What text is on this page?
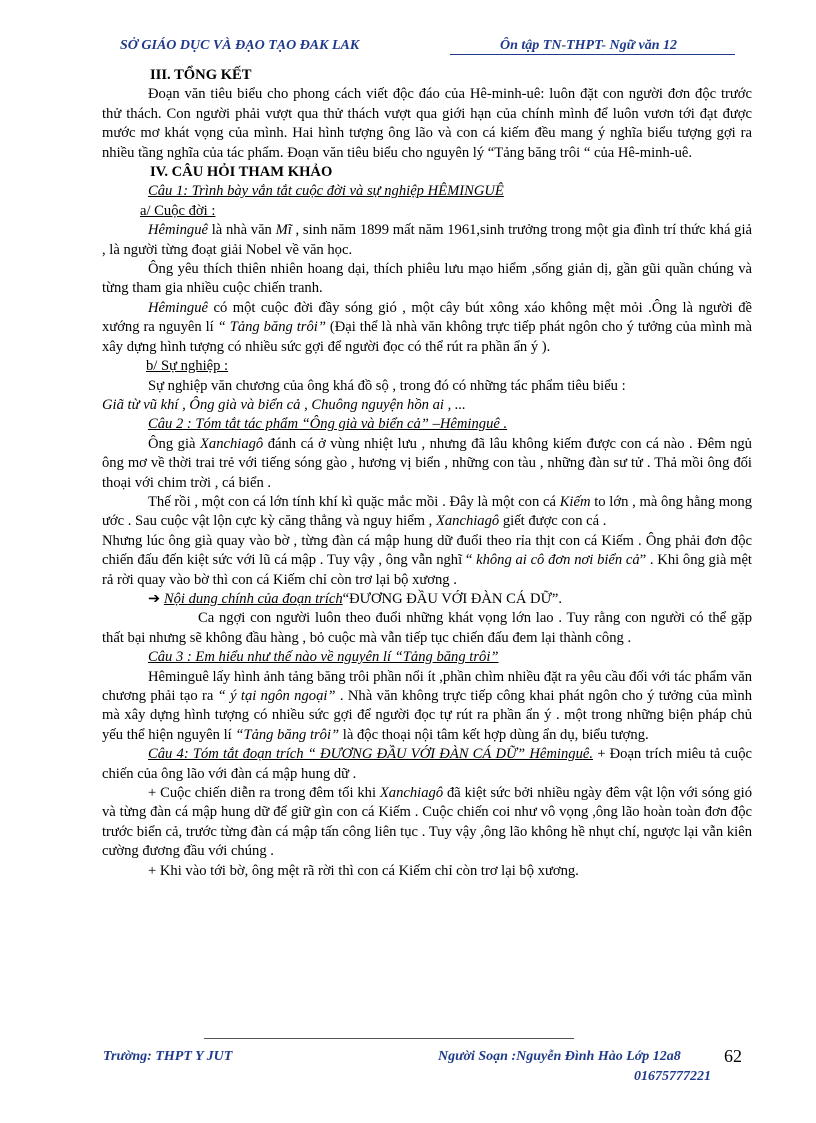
SỞ GIÁO DỤC VÀ ĐẠO TẠO ĐAK LAK	Ôn tập TN-THPT- Ngữ văn 12

III. TỔNG KẾT

Đoạn văn tiêu biểu cho phong cách viết độc đáo của Hê-minh-uê: luôn đặt con người đơn độc trước thử thách. Con người phải vượt qua thử thách vượt qua giới hạn của chính mình để luôn vươn tới đạt được mước mơ khát vọng của mình. Hai hình tượng ông lão và con cá kiếm đều mang ý nghĩa biểu tượng gợi ra nhiều tầng nghĩa của tác phẩm. Đoạn văn tiêu biểu cho nguyên lý “Tảng băng trôi “ của Hê-minh-uê.

IV. CÂU HỎI THAM KHẢO

Câu 1: Trình bày vắn tắt cuộc đời và sự nghiệp HÊMINGUÊ

a/ Cuộc đời :

Hêminguê là nhà văn Mĩ , sinh năm 1899 mất năm 1961,sinh trưởng trong một gia đình trí thức khá giả , là người từng đoạt giải Nobel về văn học.

Ông yêu thích thiên nhiên hoang dại, thích phiêu lưu mạo hiểm ,sống giản dị, gần gũi quần chúng và từng tham gia nhiều cuộc chiến tranh.

Hêminguê có một cuộc đời đầy sóng gió , một cây bút xông xáo không mệt mỏi .Ông là người đề xướng ra nguyên lí “ Tảng băng trôi” (Đại thể là nhà văn không trực tiếp phát ngôn cho ý tưởng của mình mà xây dựng hình tượng có nhiều sức gợi để người đọc có thể rút ra phần ẩn ý ).

b/ Sự nghiệp :

Sự nghiệp văn chương của ông khá đồ sộ , trong đó có những tác phẩm tiêu biểu :

Giã từ vũ khí , Ông già và biển cả , Chuông nguyện hồn ai , ...

Câu 2 : Tóm tắt tác phẩm “Ông già và biển cả” –Hêminguê .

Ông già Xanchiagô đánh cá ở vùng nhiệt lưu , nhưng đã lâu không kiếm được con cá nào . Đêm ngủ ông mơ về thời trai trẻ với tiếng sóng gào , hương vị biển , những con tàu , những đàn sư tử . Thả mồi ông đối thoại với chim trời , cá biển .

Thế rồi , một con cá lớn tính khí kì quặc mắc mồi . Đây là một con cá Kiếm to lớn , mà ông hằng mong ước . Sau cuộc vật lộn cực kỳ căng thẳng và nguy hiểm , Xanchiagô giết được con cá .

Nhưng lúc ông già quay vào bờ , từng đàn cá mập hung dữ đuổi theo rỉa thịt con cá Kiếm . Ông phải đơn độc chiến đấu đến kiệt sức với lũ cá mập . Tuy vậy , ông vẫn nghĩ “ không ai cô đơn nơi biển cả” . Khi ông già mệt rả rời quay vào bờ thì con cá Kiếm chỉ còn trơ lại bộ xương .

➔ Nội dung chính của đoạn trích“ĐƯƠNG ĐẦU VỚI ĐÀN CÁ DỮ”.

Ca ngợi con người luôn theo đuổi những khát vọng lớn lao . Tuy rằng con người có thể gặp thất bại nhưng sẽ không đầu hàng , bỏ cuộc mà vẫn tiếp tục chiến đấu đem lại thành công .

Câu 3 : Em hiểu như thế nào về nguyên lí “Tảng băng trôi”

Hêminguê lấy hình ảnh tảng băng trôi phần nổi ít ,phần chìm nhiều đặt ra yêu cầu đối với tác phẩm văn chương phải tạo ra “ ý tại ngôn ngoại” . Nhà văn không trực tiếp công khai phát ngôn cho ý tưởng của mình mà xây dựng hình tượng có nhiều sức gợi để người đọc tự rút ra phần ẩn ý . một trong những biện pháp chủ yếu thể hiện nguyên lí “Tảng băng trôi” là độc thoại nội tâm kết hợp dùng ẩn dụ, biểu tượng.

Câu 4: Tóm tắt đoạn trích “ ĐƯƠNG ĐẦU VỚI ĐÀN CÁ DỮ” Hêminguê. + Đoạn trích miêu tả cuộc chiến của ông lão với đàn cá mập hung dữ .

+ Cuộc chiến diễn ra trong đêm tối khi Xanchiagô đã kiệt sức bởi nhiều ngày đêm vật lộn với sóng gió và từng đàn cá mập hung dữ để giữ gìn con cá Kiếm . Cuộc chiến coi như vô vọng ,ông lão hoàn toàn đơn độc trước biển cả, trước từng đàn cá mập tấn công liên tục . Tuy vậy ,ông lão không hề nhụt chí, ngược lại vẫn kiên cường đương đầu với chúng .

+ Khi vào tới bờ, ông mệt rã rời thì con cá Kiếm chỉ còn trơ lại bộ xương.

Trường: THPT Y JUT	Người Soạn :Nguyễn Đình Hào Lớp 12a8
01675777221
62
